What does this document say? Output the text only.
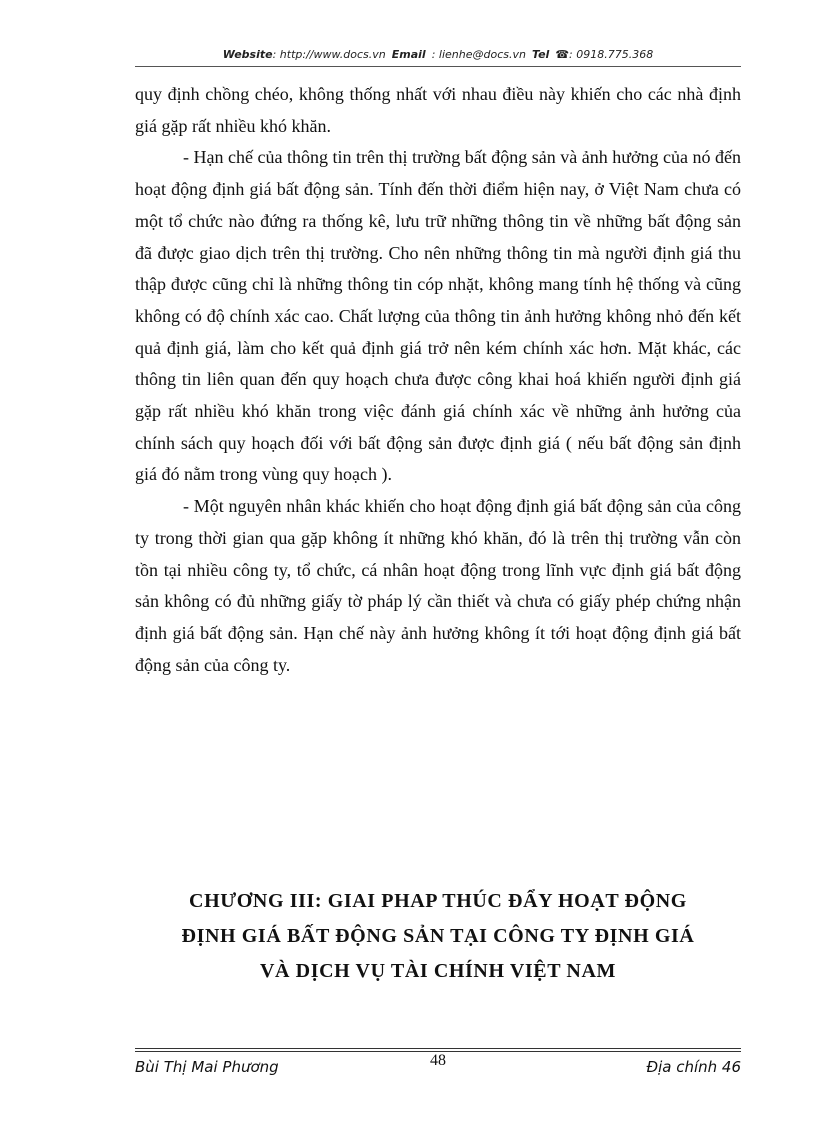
Website: http://www.docs.vn Email : lienhe@docs.vn Tel ☎: 0918.775.368

quy định chồng chéo, không thống nhất với nhau điều này khiến cho các nhà định giá gặp rất nhiều khó khăn.

- Hạn chế của thông tin trên thị trường bất động sản và ảnh hưởng của nó đến hoạt động định giá bất động sản. Tính đến thời điểm hiện nay, ở Việt Nam chưa có một tổ chức nào đứng ra thống kê, lưu trữ những thông tin về những bất động sản đã được giao dịch trên thị trường. Cho nên những thông tin mà người định giá thu thập được cũng chỉ là những thông tin cóp nhặt, không mang tính hệ thống và cũng không có độ chính xác cao. Chất lượng của thông tin ảnh hưởng không nhỏ đến kết quả định giá, làm cho kết quả định giá trở nên kém chính xác hơn. Mặt khác, các thông tin liên quan đến quy hoạch chưa được công khai hoá khiến người định giá gặp rất nhiều khó khăn trong việc đánh giá chính xác về những ảnh hưởng của chính sách quy hoạch đối với bất động sản được định giá ( nếu bất động sản định giá đó nằm trong vùng quy hoạch ).

- Một nguyên nhân khác khiến cho hoạt động định giá bất động sản của công ty trong thời gian qua gặp không ít những khó khăn, đó là trên thị trường vẫn còn tồn tại nhiều công ty, tổ chức, cá nhân hoạt động trong lĩnh vực định giá bất động sản không có đủ những giấy tờ pháp lý cần thiết và chưa có giấy phép chứng nhận định giá bất động sản. Hạn chế này ảnh hưởng không ít tới hoạt động định giá bất động sản của công ty.

CHƯƠNG III: GIAI PHAP THÚC ĐẨY HOẠT ĐỘNG
ĐỊNH GIÁ BẤT ĐỘNG SẢN TẠI CÔNG TY ĐỊNH GIÁ
VÀ DỊCH VỤ TÀI CHÍNH VIỆT NAM
Bùi Thị Mai Phương	48	Địa chính 46
